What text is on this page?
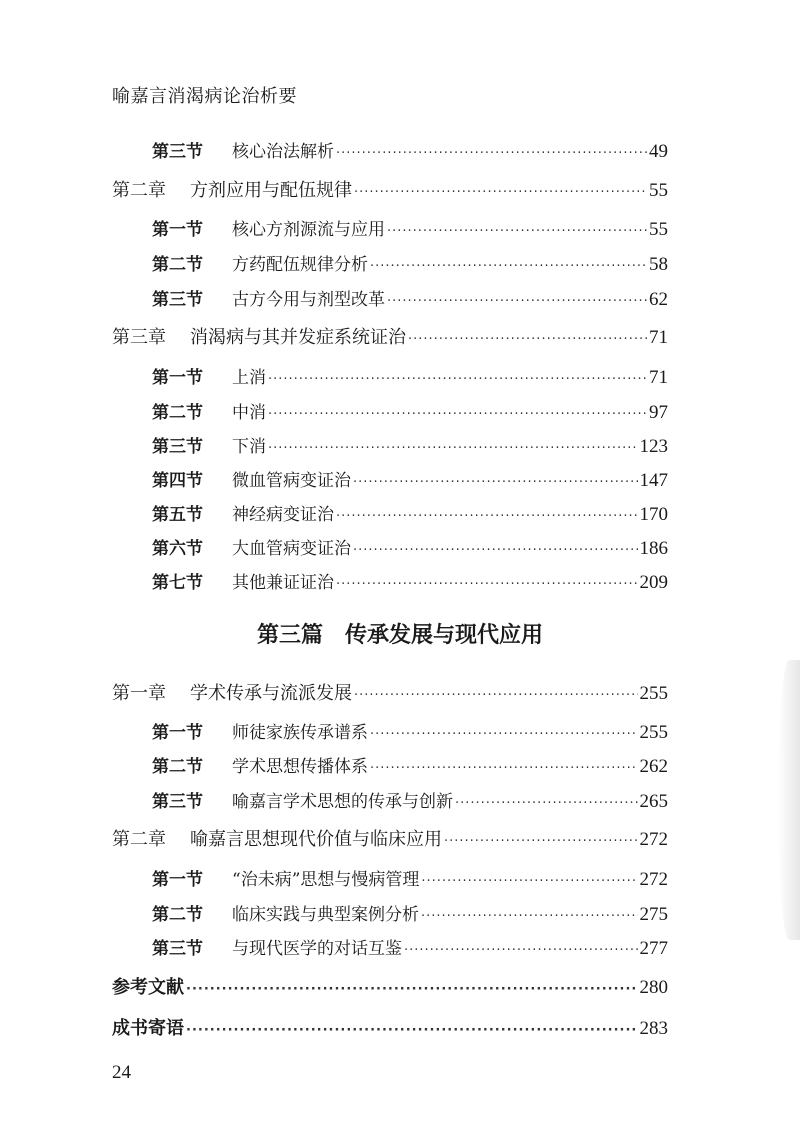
喻嘉言消渴病论治析要
第三节 核心治法解析 ·····	49
第二章 方剂应用与配伍规律 ·····	55
第一节 核心方剂源流与应用 ·····	55
第二节 方药配伍规律分析 ·····	58
第三节 古方今用与剂型改革 ·····	62
第三章 消渴病与其并发症系统证治 ·····	71
第一节 上消 ·····	71
第二节 中消 ·····	97
第三节 下消 ·····	123
第四节 微血管病变证治 ·····	147
第五节 神经病变证治 ·····	170
第六节 大血管病变证治 ·····	186
第七节 其他兼证证治 ·····	209
第三篇 传承发展与现代应用
第一章 学术传承与流派发展 ·····	255
第一节 师徒家族传承谱系 ·····	255
第二节 学术思想传播体系 ·····	262
第三节 喻嘉言学术思想的传承与创新 ·····	265
第二章 喻嘉言思想现代价值与临床应用 ·····	272
第一节 “治未病”思想与慢病管理 ·····	272
第二节 临床实践与典型案例分析 ·····	275
第三节 与现代医学的对话互鉴 ·····	277
参考文献 ·····	280
成书寄语 ·····	283
24
